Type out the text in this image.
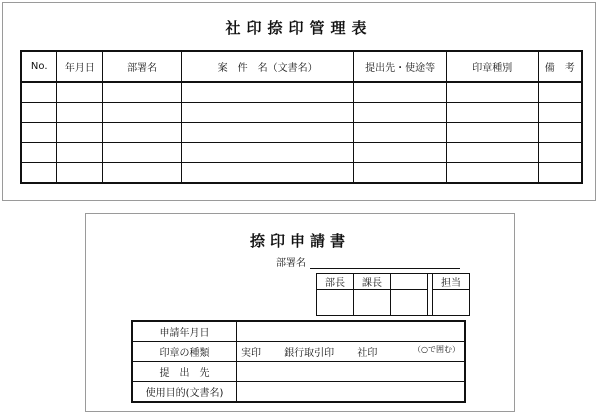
社印捺印管理表
No.	年月日	部署名	案　件　名（文書名）	提出先・使途等	印章種別	備　考

捺印申請書
部署名
部長	課長			担当

申請年月日	
印章の種類	実印 銀行取引印 社印 （○で囲む）

提　出　先	
使用目的(文書名)	
